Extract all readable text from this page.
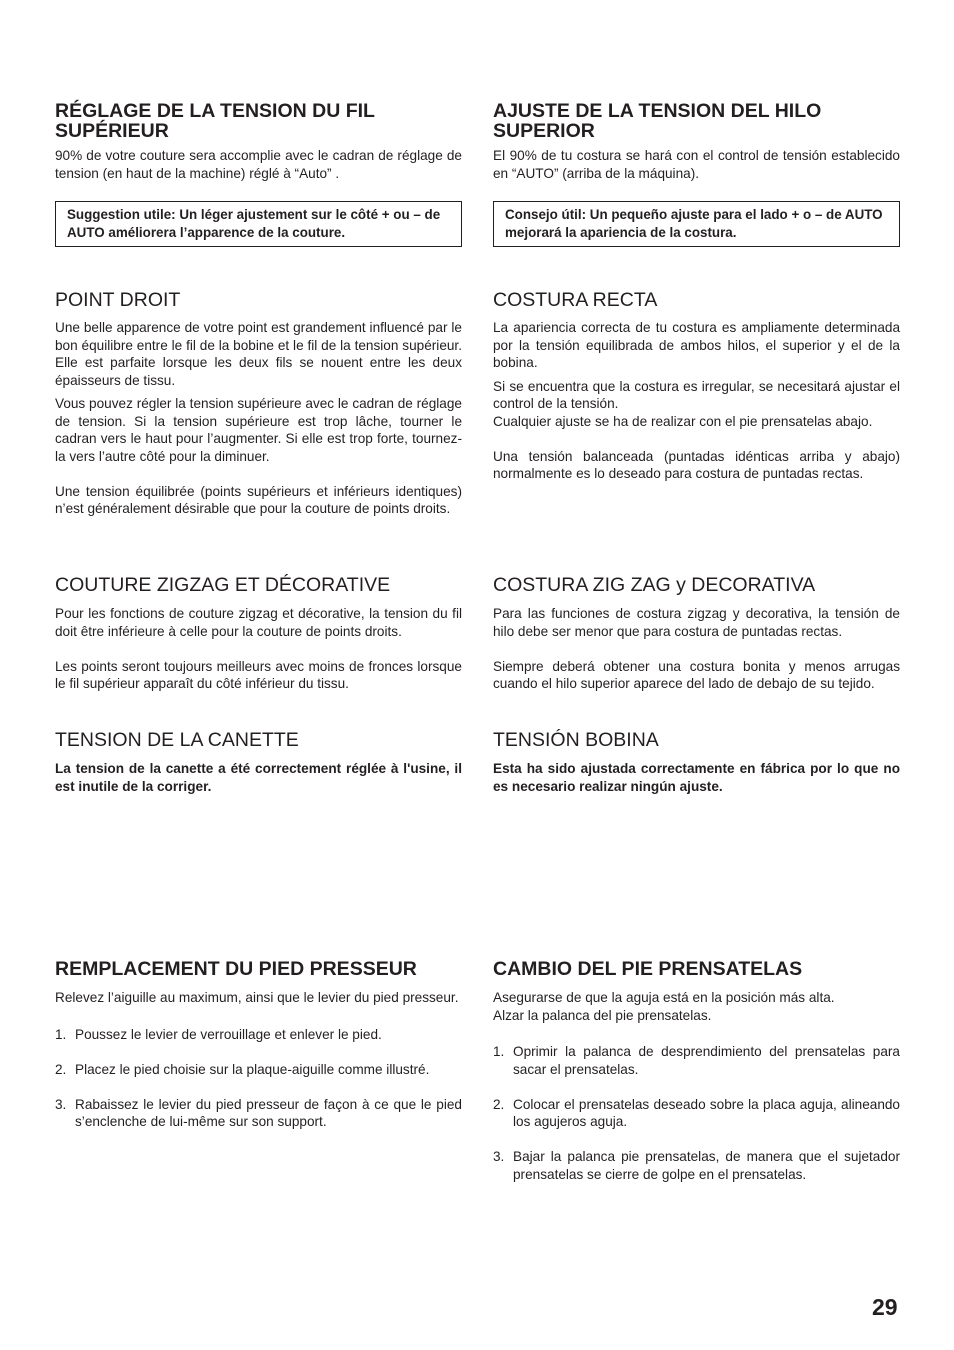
RÉGLAGE DE LA TENSION DU FIL SUPÉRIEUR

90% de votre couture sera accomplie avec le cadran de réglage de tension (en haut de la machine) réglé à “Auto” .

Suggestion utile: Un léger ajustement sur le côté + ou – de AUTO améliorera l’apparence de la couture.
POINT DROIT

Une belle apparence de votre point est grandement influencé par le bon équilibre entre le fil de la bobine et le fil de la tension supérieur. Elle est parfaite lorsque les deux fils se nouent entre les deux épaisseurs de tissu.

Vous pouvez régler la tension supérieure avec le cadran de réglage de tension. Si la tension supérieure est trop lâche, tourner le cadran vers le haut pour l’augmenter. Si elle est trop forte, tournez-la vers l’autre côté pour la diminuer.

Une tension équilibrée (points supérieurs et inférieurs identiques) n’est généralement désirable que pour la couture de points droits.

COUTURE ZIGZAG ET DÉCORATIVE

Pour les fonctions de couture zigzag et décorative, la tension du fil doit être inférieure à celle pour la couture de points droits.

Les points seront toujours meilleurs avec moins de fronces lorsque le fil supérieur apparaît du côté inférieur du tissu.

TENSION DE LA CANETTE

La tension de la canette a été correctement réglée à l'usine, il est inutile de la corriger.

REMPLACEMENT DU PIED PRESSEUR

Relevez l’aiguille au maximum, ainsi que le levier du pied presseur.

1. Poussez le levier de verrouillage et enlever le pied.
2. Placez le pied choisie sur la plaque-aiguille comme illustré.
3. Rabaissez le levier du pied presseur de façon à ce que le pied s’enclenche de lui-même sur son support.
AJUSTE DE LA TENSION DEL HILO SUPERIOR

El 90% de tu costura se hará con el control de tensión establecido en “AUTO” (arriba de la máquina).

Consejo útil: Un pequeño ajuste para el lado + o – de AUTO mejorará la apariencia de la costura.
COSTURA RECTA

La apariencia correcta de tu costura es ampliamente determinada por la tensión equilibrada de ambos hilos, el superior y el de la bobina.

Si se encuentra que la costura es irregular, se necesitará ajustar el control de la tensión.

Cualquier ajuste se ha de realizar con el pie prensatelas abajo.

Una tensión balanceada (puntadas idénticas arriba y abajo) normalmente es lo deseado para costura de puntadas rectas.

COSTURA ZIG ZAG y DECORATIVA

Para las funciones de costura zigzag y decorativa, la tensión de hilo debe ser menor que para costura de puntadas rectas.

Siempre deberá obtener una costura bonita y menos arrugas cuando el hilo superior aparece del lado de debajo de su tejido.

TENSIÓN BOBINA

Esta ha sido ajustada correctamente en fábrica por lo que no es necesario realizar ningún ajuste.

CAMBIO DEL PIE PRENSATELAS

Asegurarse de que la aguja está en la posición más alta.

Alzar la palanca del pie prensatelas.

1. Oprimir la palanca de desprendimiento del prensatelas para sacar el prensatelas.
2. Colocar el prensatelas deseado sobre la placa aguja, alineando los agujeros aguja.
3. Bajar la palanca pie prensatelas, de manera que el sujetador prensatelas se cierre de golpe en el prensatelas.
29
